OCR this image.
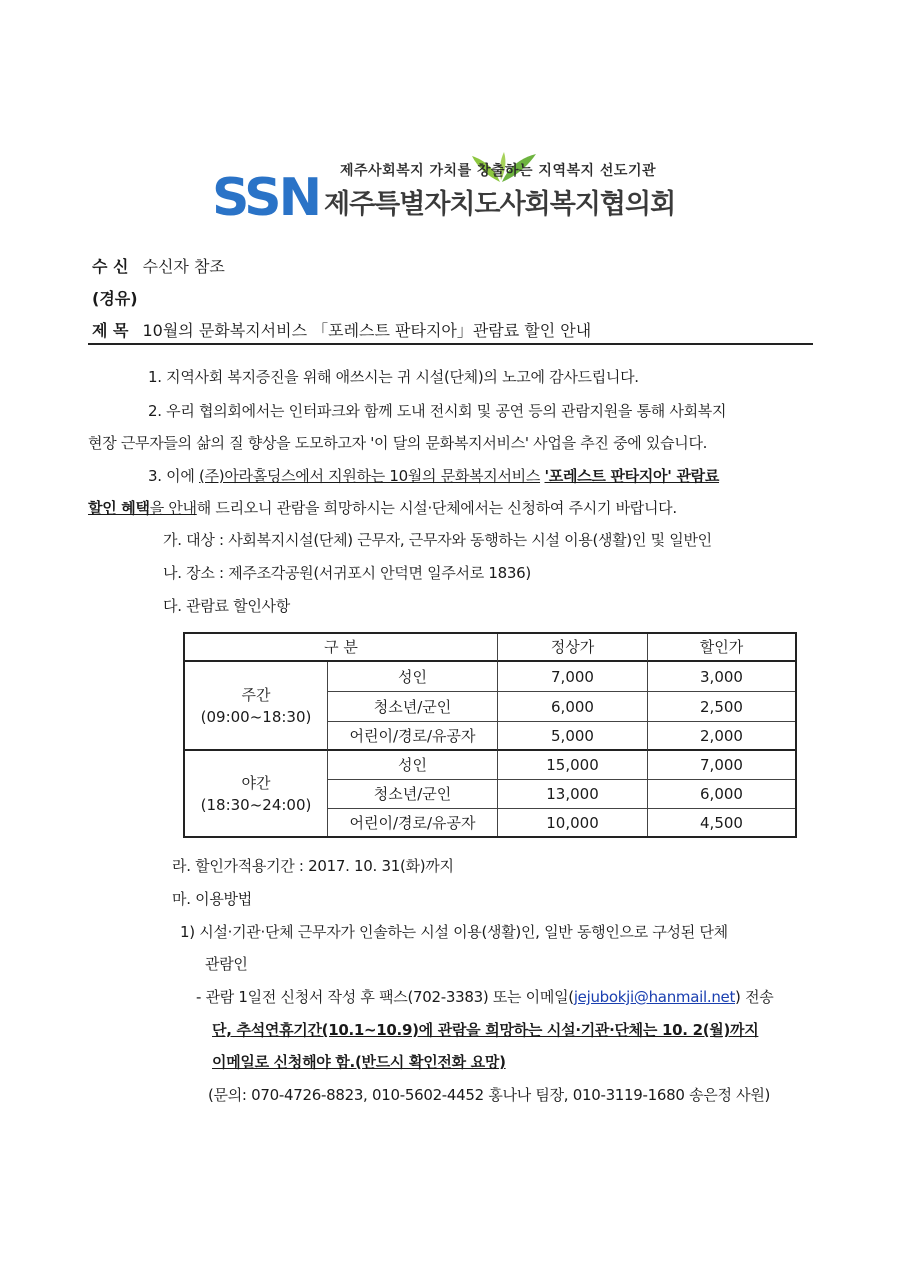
SSN 제주사회복지 가치를 창출하는 지역복지 선도기관
제주특별자치도사회복지협의회
수 신 수신자 참조
(경유)
제 목 10월의 문화복지서비스 「포레스트 판타지아」관람료 할인 안내
1. 지역사회 복지증진을 위해 애쓰시는 귀 시설(단체)의 노고에 감사드립니다.
2. 우리 협의회에서는 인터파크와 함께 도내 전시회 및 공연 등의 관람지원을 통해 사회복지
현장 근무자들의 삶의 질 향상을 도모하고자 '이 달의 문화복지서비스' 사업을 추진 중에 있습니다.
3. 이에 (주)아라홀딩스에서 지원하는 10월의 문화복지서비스 '포레스트 판타지아' 관람료
할인 혜택을 안내해 드리오니 관람을 희망하시는 시설·단체에서는 신청하여 주시기 바랍니다.
가. 대상 : 사회복지시설(단체) 근무자, 근무자와 동행하는 시설 이용(생활)인 및 일반인
나. 장소 : 제주조각공원(서귀포시 안덕면 일주서로 1836)
다. 관람료 할인사항
구 분	정상가	할인가
주간
(09:00~18:30)
성인	7,000	3,000
청소년/군인	6,000	2,500
어린이/경로/유공자	5,000	2,000
야간
(18:30~24:00)
성인	15,000	7,000
청소년/군인	13,000	6,000
어린이/경로/유공자	10,000	4,500
라. 할인가적용기간 : 2017. 10. 31(화)까지
마. 이용방법
1) 시설·기관·단체 근무자가 인솔하는 시설 이용(생활)인, 일반 동행인으로 구성된 단체
관람인
- 관람 1일전 신청서 작성 후 팩스(702-3383) 또는 이메일(jejubokji@hanmail.net) 전송
단, 추석연휴기간(10.1~10.9)에 관람을 희망하는 시설·기관·단체는 10. 2(월)까지
이메일로 신청해야 함.(반드시 확인전화 요망)
(문의: 070-4726-8823, 010-5602-4452 홍나나 팀장, 010-3119-1680 송은정 사원)
